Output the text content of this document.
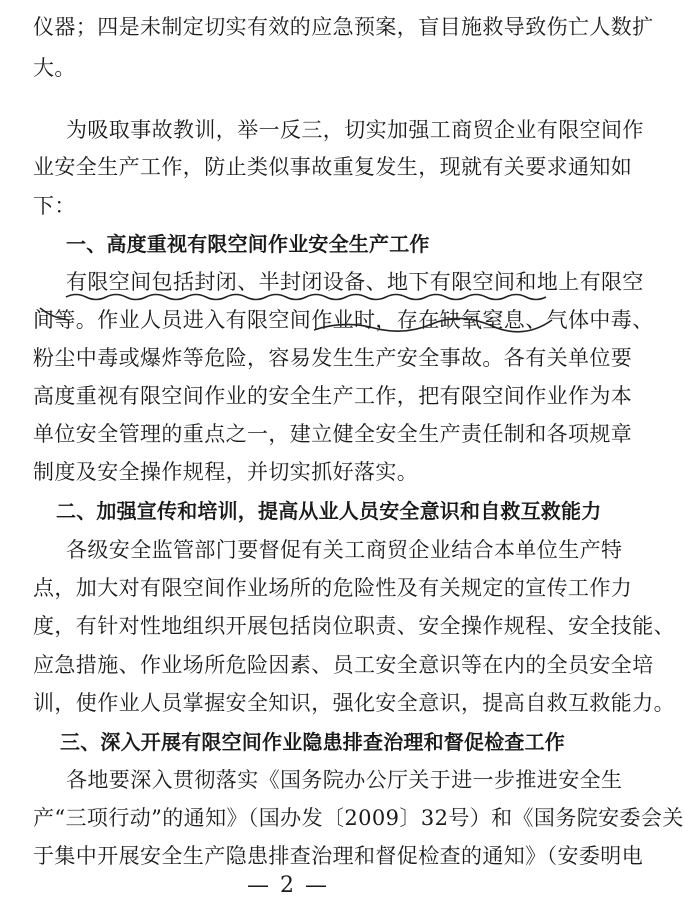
仪器；四是未制定切实有效的应急预案，盲目施救导致伤亡人数扩
大。
为吸取事故教训，举一反三，切实加强工商贸企业有限空间作
业安全生产工作，防止类似事故重复发生，现就有关要求通知如
下：
一、高度重视有限空间作业安全生产工作
有限空间包括封闭、半封闭设备、地下有限空间和地上有限空
间等。作业人员进入有限空间作业时，存在缺氧窒息、气体中毒、
粉尘中毒或爆炸等危险，容易发生生产安全事故。各有关单位要
高度重视有限空间作业的安全生产工作，把有限空间作业作为本
单位安全管理的重点之一，建立健全安全生产责任制和各项规章
制度及安全操作规程，并切实抓好落实。
二、加强宣传和培训，提高从业人员安全意识和自救互救能力
各级安全监管部门要督促有关工商贸企业结合本单位生产特
点，加大对有限空间作业场所的危险性及有关规定的宣传工作力
度，有针对性地组织开展包括岗位职责、安全操作规程、安全技能、
应急措施、作业场所危险因素、员工安全意识等在内的全员安全培
训，使作业人员掌握安全知识，强化安全意识，提高自救互救能力。
三、深入开展有限空间作业隐患排查治理和督促检查工作
各地要深入贯彻落实《国务院办公厅关于进一步推进安全生
产“三项行动”的通知》（国办发〔2009〕32号）和《国务院安委会关
于集中开展安全生产隐患排查治理和督促检查的通知》（安委明电
— 2 —
